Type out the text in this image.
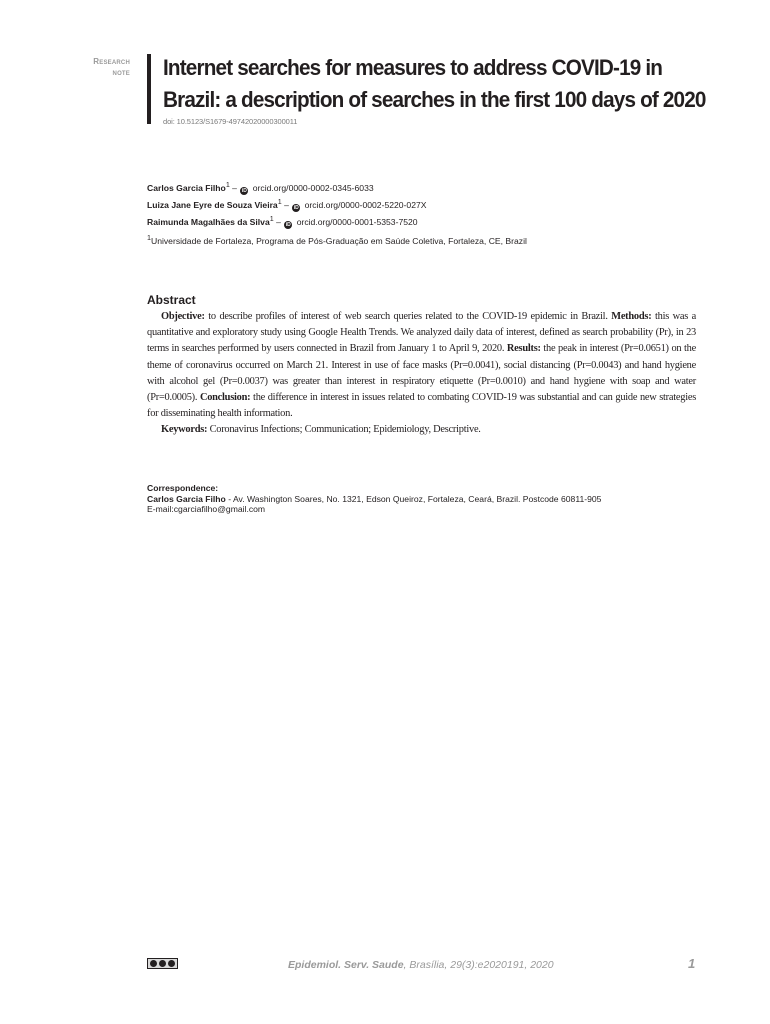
Research
note Internet searches for measures to address COVID-19 in
Brazil: a description of searches in the first 100 days of 2020
doi: 10.5123/S1679-49742020000300011
Carlos Garcia Filho$^1$ – iD orcid.org/0000-0002-0345-6033
Luiza Jane Eyre de Souza Vieira$^1$ – iD orcid.org/0000-0002-5220-027X
Raimunda Magalhães da Silva$^1$ – iD orcid.org/0000-0001-5353-7520
$^1$Universidade de Fortaleza, Programa de Pós-Graduação em Saúde Coletiva, Fortaleza, CE, Brazil
Abstract

Objective: to describe profiles of interest of web search queries related to the COVID-19 epidemic in Brazil. Methods: this was a quantitative and exploratory study using Google Health Trends. We analyzed daily data of interest, defined as search probability (Pr), in 23 terms in searches performed by users connected in Brazil from January 1 to April 9, 2020. Results: the peak in interest (Pr=0.0651) on the theme of coronavirus occurred on March 21. Interest in use of face masks (Pr=0.0041), social distancing (Pr=0.0043) and hand hygiene with alcohol gel (Pr=0.0037) was greater than interest in respiratory etiquette (Pr=0.0010) and hand hygiene with soap and water (Pr=0.0005). Conclusion: the difference in interest in issues related to combating COVID-19 was substantial and can guide new strategies for disseminating health information.

Keywords: Coronavirus Infections; Communication; Epidemiology, Descriptive.

Correspondence:
Carlos Garcia Filho - Av. Washington Soares, No. 1321, Edson Queiroz, Fortaleza, Ceará, Brazil. Postcode 60811-905
E-mail:cgarciafilho@gmail.com
Epidemiol. Serv. Saude, Brasília, 29(3):e2020191, 2020	1
